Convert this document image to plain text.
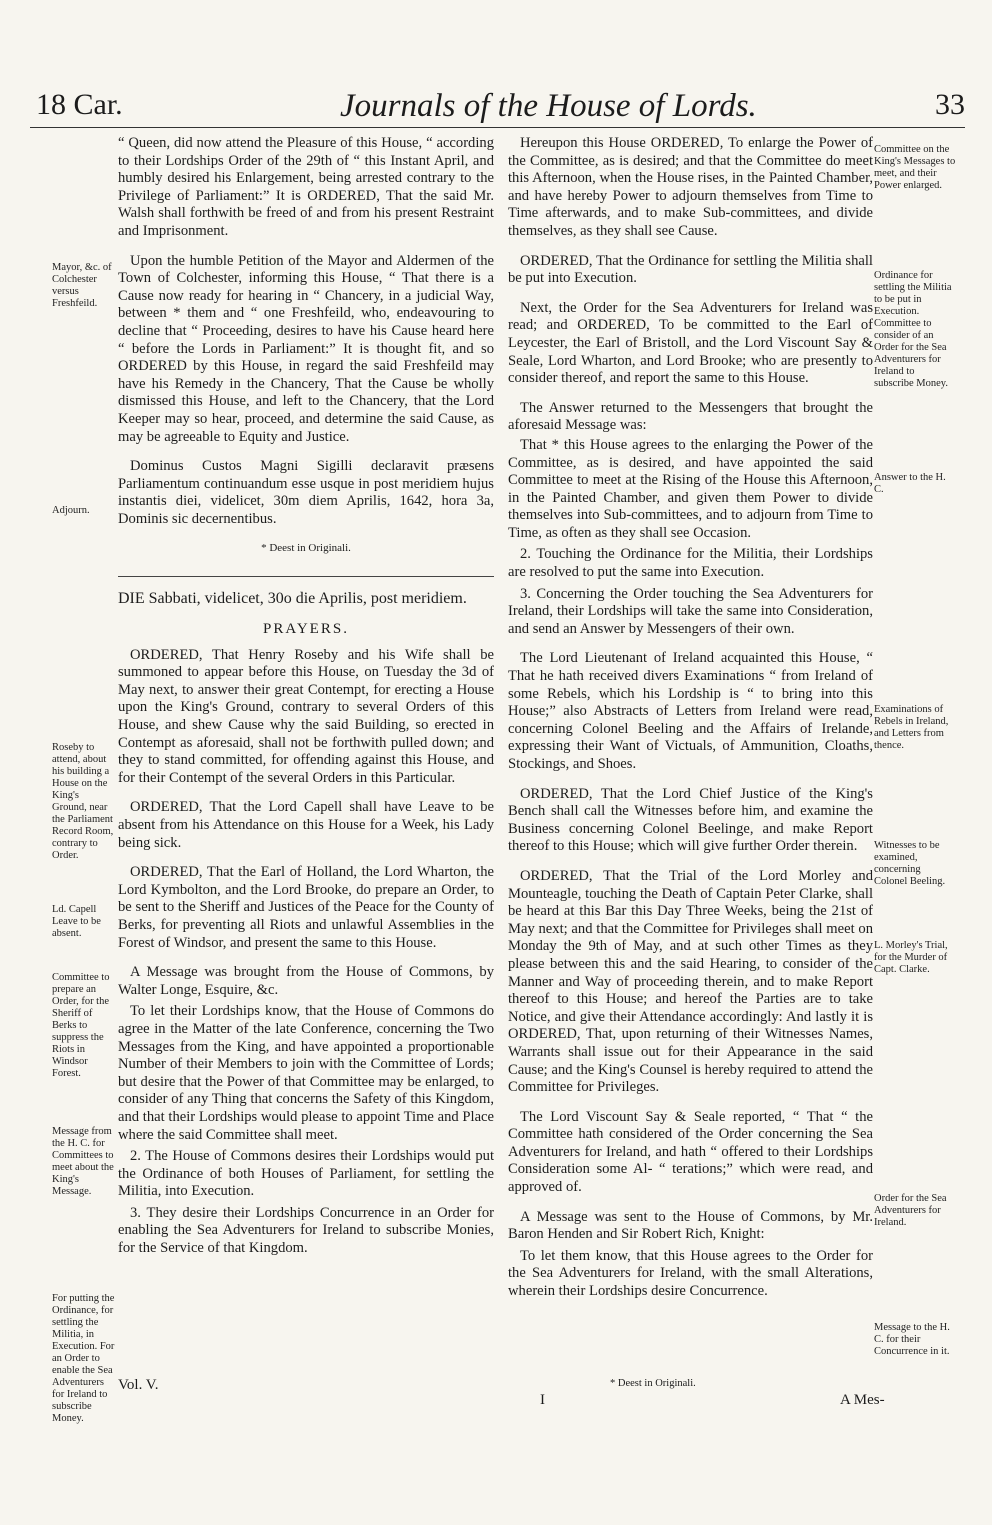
18 Car.	Journals of the House of Lords.	33
Mayor, &c. of Colchester versus Freshfeild.
Adjourn.
Roseby to attend, about his building a House on the King's Ground, near the Parliament Record Room, contrary to Order.
Ld. Capell Leave to be absent.
Committee to prepare an Order, for the Sheriff of Berks to suppress the Riots in Windsor Forest.
Message from the H. C. for Committees to meet about the King's Message.
For putting the Ordinance, for settling the Militia, in Execution. For an Order to enable the Sea Adventurers for Ireland to subscribe Money.
Committee on the King's Messages to meet, and their Power enlarged.
Ordinance for settling the Militia to be put in Execution. Committee to consider of an Order for the Sea Adventurers for Ireland to subscribe Money.
Answer to the H. C.
Examinations of Rebels in Ireland, and Letters from thence.
Witnesses to be examined, concerning Colonel Beeling.
L. Morley's Trial, for the Murder of Capt. Clarke.
Order for the Sea Adventurers for Ireland.
Message to the H. C. for their Concurrence in it.

“ Queen, did now attend the Pleasure of this House, “ according to their Lordships Order of the 29th of “ this Instant April, and humbly desired his Enlargement, being arrested contrary to the Privilege of Parliament:” It is ORDERED, That the said Mr. Walsh shall forthwith be freed of and from his present Restraint and Imprisonment.

Upon the humble Petition of the Mayor and Aldermen of the Town of Colchester, informing this House, “ That there is a Cause now ready for hearing in “ Chancery, in a judicial Way, between * them and “ one Freshfeild, who, endeavouring to decline that “ Proceeding, desires to have his Cause heard here “ before the Lords in Parliament:” It is thought fit, and so ORDERED by this House, in regard the said Freshfeild may have his Remedy in the Chancery, That the Cause be wholly dismissed this House, and left to the Chancery, that the Lord Keeper may so hear, proceed, and determine the said Cause, as may be agreeable to Equity and Justice.

Dominus Custos Magni Sigilli declaravit præsens Parliamentum continuandum esse usque in post meridiem hujus instantis diei, videlicet, 30m diem Aprilis, 1642, hora 3a, Dominis sic decernentibus.

* Deest in Originali.

DIE Sabbati, videlicet, 30o die Aprilis, post meridiem.

PRAYERS.

ORDERED, That Henry Roseby and his Wife shall be summoned to appear before this House, on Tuesday the 3d of May next, to answer their great Contempt, for erecting a House upon the King's Ground, contrary to several Orders of this House, and shew Cause why the said Building, so erected in Contempt as aforesaid, shall not be forthwith pulled down; and they to stand committed, for offending against this House, and for their Contempt of the several Orders in this Particular.

ORDERED, That the Lord Capell shall have Leave to be absent from his Attendance on this House for a Week, his Lady being sick.

ORDERED, That the Earl of Holland, the Lord Wharton, the Lord Kymbolton, and the Lord Brooke, do prepare an Order, to be sent to the Sheriff and Justices of the Peace for the County of Berks, for preventing all Riots and unlawful Assemblies in the Forest of Windsor, and present the same to this House.

A Message was brought from the House of Commons, by Walter Longe, Esquire, &c.

To let their Lordships know, that the House of Commons do agree in the Matter of the late Conference, concerning the Two Messages from the King, and have appointed a proportionable Number of their Members to join with the Committee of Lords; but desire that the Power of that Committee may be enlarged, to consider of any Thing that concerns the Safety of this Kingdom, and that their Lordships would please to appoint Time and Place where the said Committee shall meet.

2. The House of Commons desires their Lordships would put the Ordinance of both Houses of Parliament, for settling the Militia, into Execution.

3. They desire their Lordships Concurrence in an Order for enabling the Sea Adventurers for Ireland to subscribe Monies, for the Service of that Kingdom.

Hereupon this House ORDERED, To enlarge the Power of the Committee, as is desired; and that the Committee do meet this Afternoon, when the House rises, in the Painted Chamber, and have hereby Power to adjourn themselves from Time to Time afterwards, and to make Sub-committees, and divide themselves, as they shall see Cause.

ORDERED, That the Ordinance for settling the Militia shall be put into Execution.

Next, the Order for the Sea Adventurers for Ireland was read; and ORDERED, To be committed to the Earl of Leycester, the Earl of Bristoll, and the Lord Viscount Say & Seale, Lord Wharton, and Lord Brooke; who are presently to consider thereof, and report the same to this House.

The Answer returned to the Messengers that brought the aforesaid Message was:

That * this House agrees to the enlarging the Power of the Committee, as is desired, and have appointed the said Committee to meet at the Rising of the House this Afternoon, in the Painted Chamber, and given them Power to divide themselves into Sub-committees, and to adjourn from Time to Time, as often as they shall see Occasion.

2. Touching the Ordinance for the Militia, their Lordships are resolved to put the same into Execution.

3. Concerning the Order touching the Sea Adventurers for Ireland, their Lordships will take the same into Consideration, and send an Answer by Messengers of their own.

The Lord Lieutenant of Ireland acquainted this House, “ That he hath received divers Examinations “ from Ireland of some Rebels, which his Lordship is “ to bring into this House;” also Abstracts of Letters from Ireland were read, concerning Colonel Beeling and the Affairs of Irelande, expressing their Want of Victuals, of Ammunition, Cloaths, Stockings, and Shoes.

ORDERED, That the Lord Chief Justice of the King's Bench shall call the Witnesses before him, and examine the Business concerning Colonel Beelinge, and make Report thereof to this House; which will give further Order therein.

ORDERED, That the Trial of the Lord Morley and Mounteagle, touching the Death of Captain Peter Clarke, shall be heard at this Bar this Day Three Weeks, being the 21st of May next; and that the Committee for Privileges shall meet on Monday the 9th of May, and at such other Times as they please between this and the said Hearing, to consider of the Manner and Way of proceeding therein, and to make Report thereof to this House; and hereof the Parties are to take Notice, and give their Attendance accordingly: And lastly it is ORDERED, That, upon returning of their Witnesses Names, Warrants shall issue out for their Appearance in the said Cause; and the King's Counsel is hereby required to attend the Committee for Privileges.

The Lord Viscount Say & Seale reported, “ That “ the Committee hath considered of the Order concerning the Sea Adventurers for Ireland, and hath “ offered to their Lordships Consideration some Al- “ terations;” which were read, and approved of.

A Message was sent to the House of Commons, by Mr. Baron Henden and Sir Robert Rich, Knight:

To let them know, that this House agrees to the Order for the Sea Adventurers for Ireland, with the small Alterations, wherein their Lordships desire Concurrence.

Vol. V.
I
* Deest in Originali.
A Mes-
